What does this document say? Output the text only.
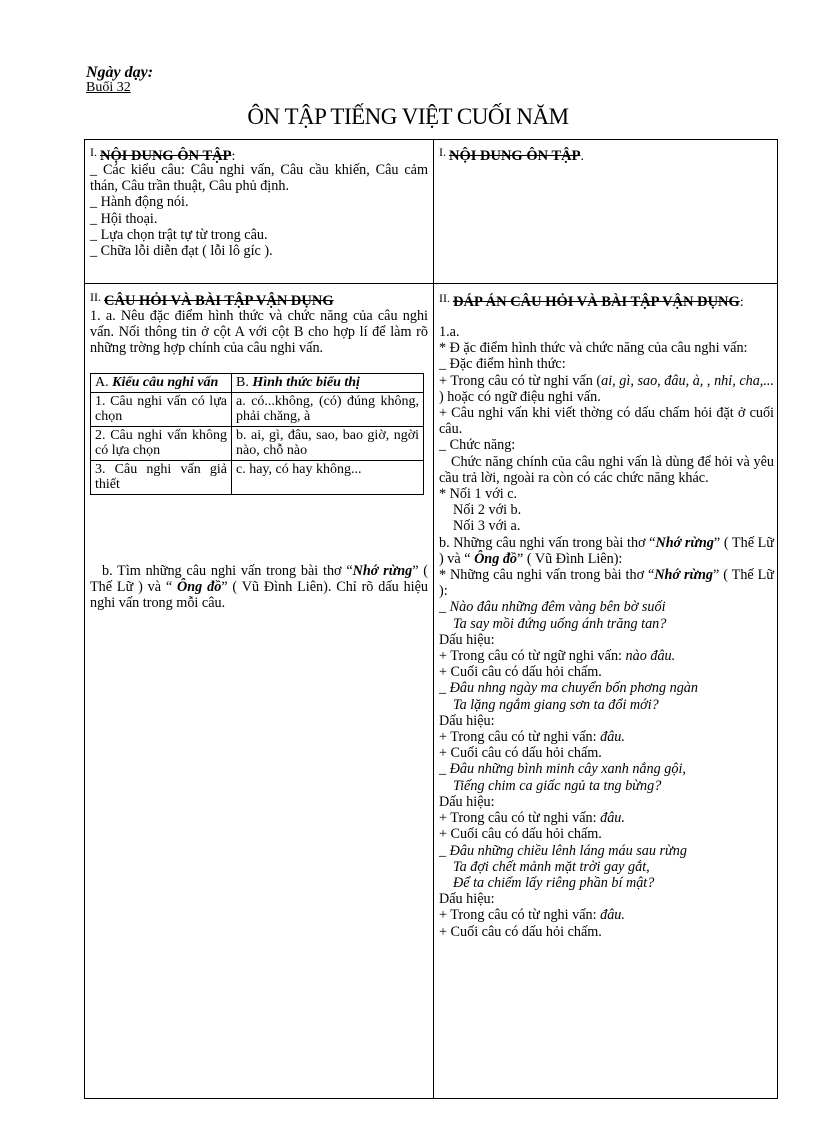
Ngày dạy:
Buổi 32
ÔN TẬP TIẾNG VIỆT CUỐI NĂM
I. NỘI DUNG ÔN TẬP:

_ Các kiểu câu: Câu nghi vấn, Câu cầu khiến, Câu cảm thán, Câu trần thuật, Câu phủ định.

_ Hành động nói.

_ Hội thoại.

_ Lựa chọn trật tự từ trong câu.

_ Chữa lỗi diễn đạt ( lỗi lô gíc ).

II. CÂU HỎI VÀ BÀI TẬP VẬN DỤNG
1. a. Nêu đặc điểm hình thức và chức năng của câu nghi vấn. Nối thông tin ở cột A với cột B cho hợp lí để làm rõ những trờng hợp chính của câu nghi vấn.
A. Kiểu câu nghi vấn	B. Hình thức biểu thị
1. Câu nghi vấn có lựa chọn	a. có...không, (có) đúng không, phải chăng, à
2. Câu nghi vấn không có lựa chọn	b. ai, gì, đâu, sao, bao giờ, ngời nào, chỗ nào
3. Câu nghi vấn giả thiết	c. hay, có hay không...
b. Tìm những câu nghi vấn trong bài thơ “Nhớ rừng” ( Thế Lữ ) và “ Ông đồ” ( Vũ Đình Liên). Chỉ rõ dấu hiệu nghi vấn trong mỗi câu.
I. NỘI DUNG ÔN TẬP.
II. ĐÁP ÁN CÂU HỎI VÀ BÀI TẬP VẬN DỤNG:

1.a.

* Đ ặc điểm hình thức và chức năng của câu nghi vấn:

_ Đặc điểm hình thức:

+ Trong câu có từ nghi vấn (ai, gì, sao, đâu, à, , nhỉ, cha,... ) hoặc có ngữ điệu nghi vấn.

+ Câu nghi vấn khi viết thờng có dấu chấm hỏi đặt ở cuối câu.

_ Chức năng:

Chức năng chính của câu nghi vấn là dùng để hỏi và yêu cầu trả lời, ngoài ra còn có các chức năng khác.

* Nối 1 với c.

Nối 2 với b.

Nối 3 với a.

b. Những câu nghi vấn trong bài thơ “Nhớ rừng” ( Thế Lữ ) và “ Ông đồ” ( Vũ Đình Liên):

* Những câu nghi vấn trong bài thơ “Nhớ rừng” ( Thế Lữ ):

_ Nào đâu những đêm vàng bên bờ suối

Ta say mồi đứng uống ánh trăng tan?

Dấu hiệu:

+ Trong câu có từ ngữ nghi vấn: nào đâu.

+ Cuối câu có dấu hỏi chấm.

_ Đâu nhng ngày ma chuyển bốn phơng ngàn

Ta lặng ngắm giang sơn ta đổi mới?

Dấu hiệu:

+ Trong câu có từ nghi vấn: đâu.

+ Cuối câu có dấu hỏi chấm.

_ Đâu những bình minh cây xanh nắng gội,

Tiếng chim ca giấc ngủ ta tng bừng?

Dấu hiệu:

+ Trong câu có từ nghi vấn: đâu.

+ Cuối câu có dấu hỏi chấm.

_ Đâu những chiều lênh láng máu sau rừng

Ta đợi chết mảnh mặt trời gay gắt,

Để ta chiếm lấy riêng phần bí mật?

Dấu hiệu:

+ Trong câu có từ nghi vấn: đâu.

+ Cuối câu có dấu hỏi chấm.
